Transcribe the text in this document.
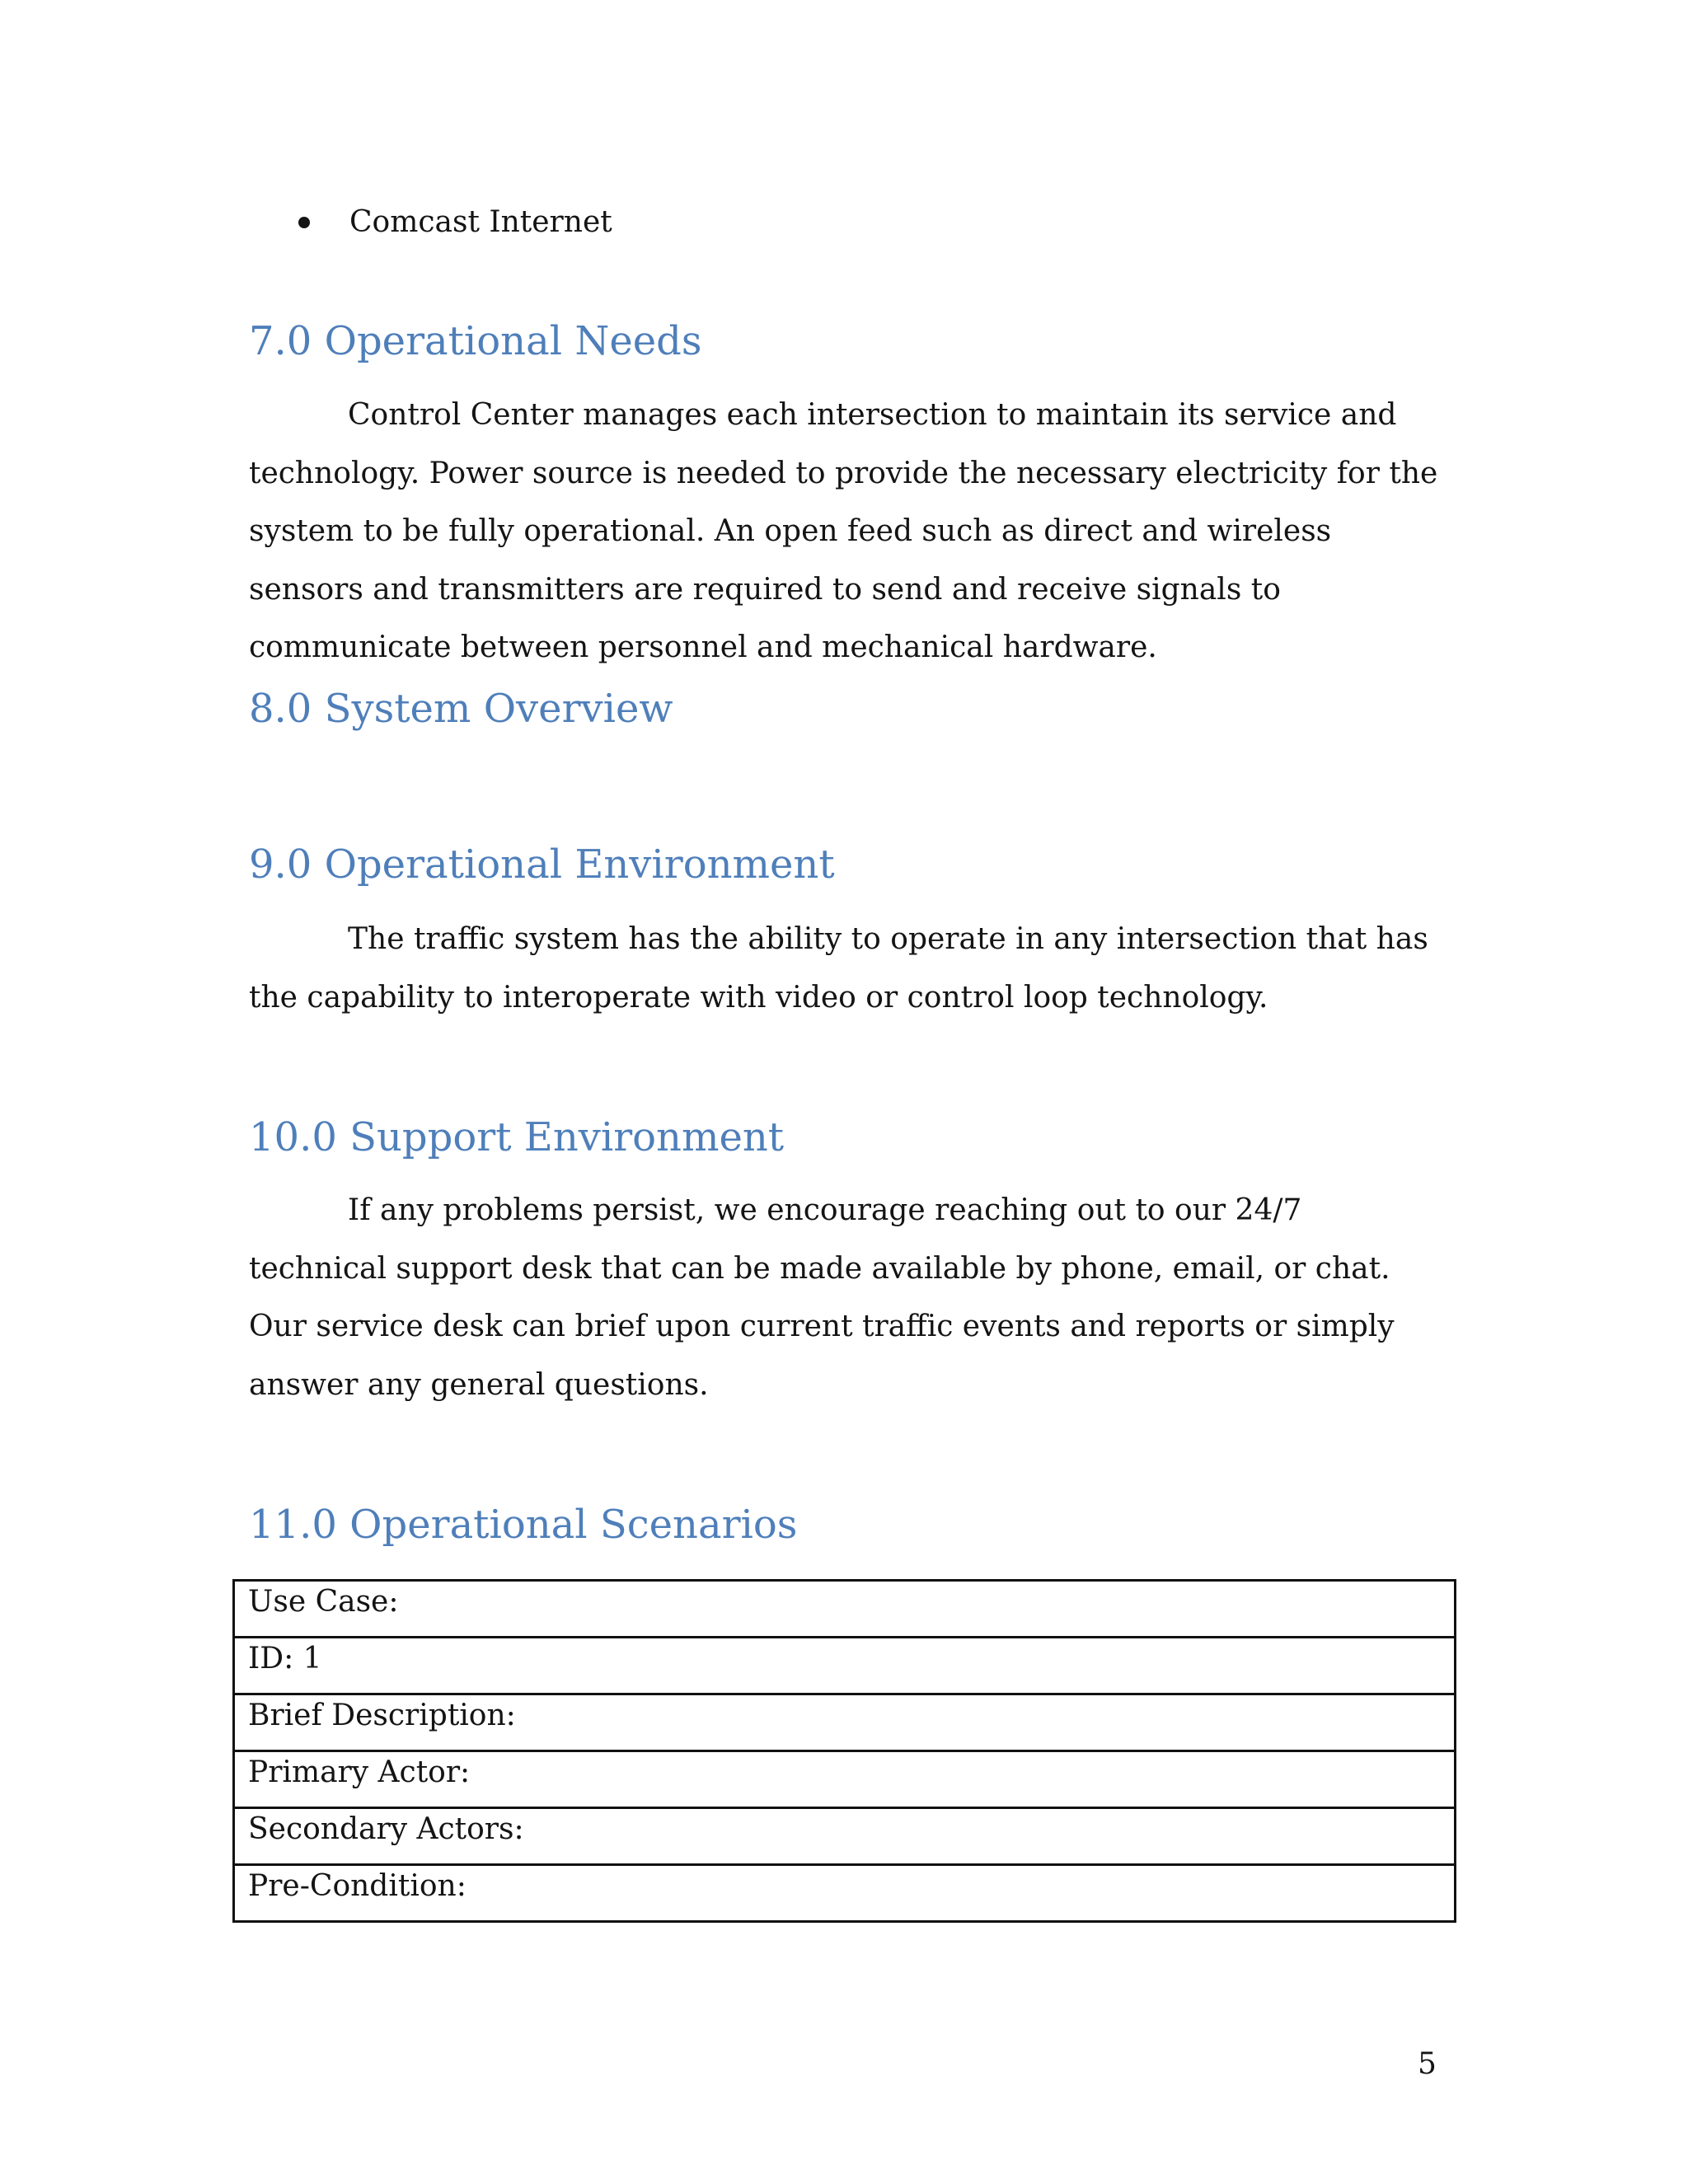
Comcast Internet
7.0 Operational Needs

Control Center manages each intersection to maintain its service and technology. Power source is needed to provide the necessary electricity for the system to be fully operational. An open feed such as direct and wireless sensors and transmitters are required to send and receive signals to communicate between personnel and mechanical hardware.

8.0 System Overview
9.0 Operational Environment

The traffic system has the ability to operate in any intersection that has the capability to interoperate with video or control loop technology.

10.0 Support Environment

If any problems persist, we encourage reaching out to our 24/7 technical support desk that can be made available by phone, email, or chat. Our service desk can brief upon current traffic events and reports or simply answer any general questions.

11.0 Operational Scenarios
Use Case:
ID: 1
Brief Description:
Primary Actor:
Secondary Actors:
Pre-Condition:
5
